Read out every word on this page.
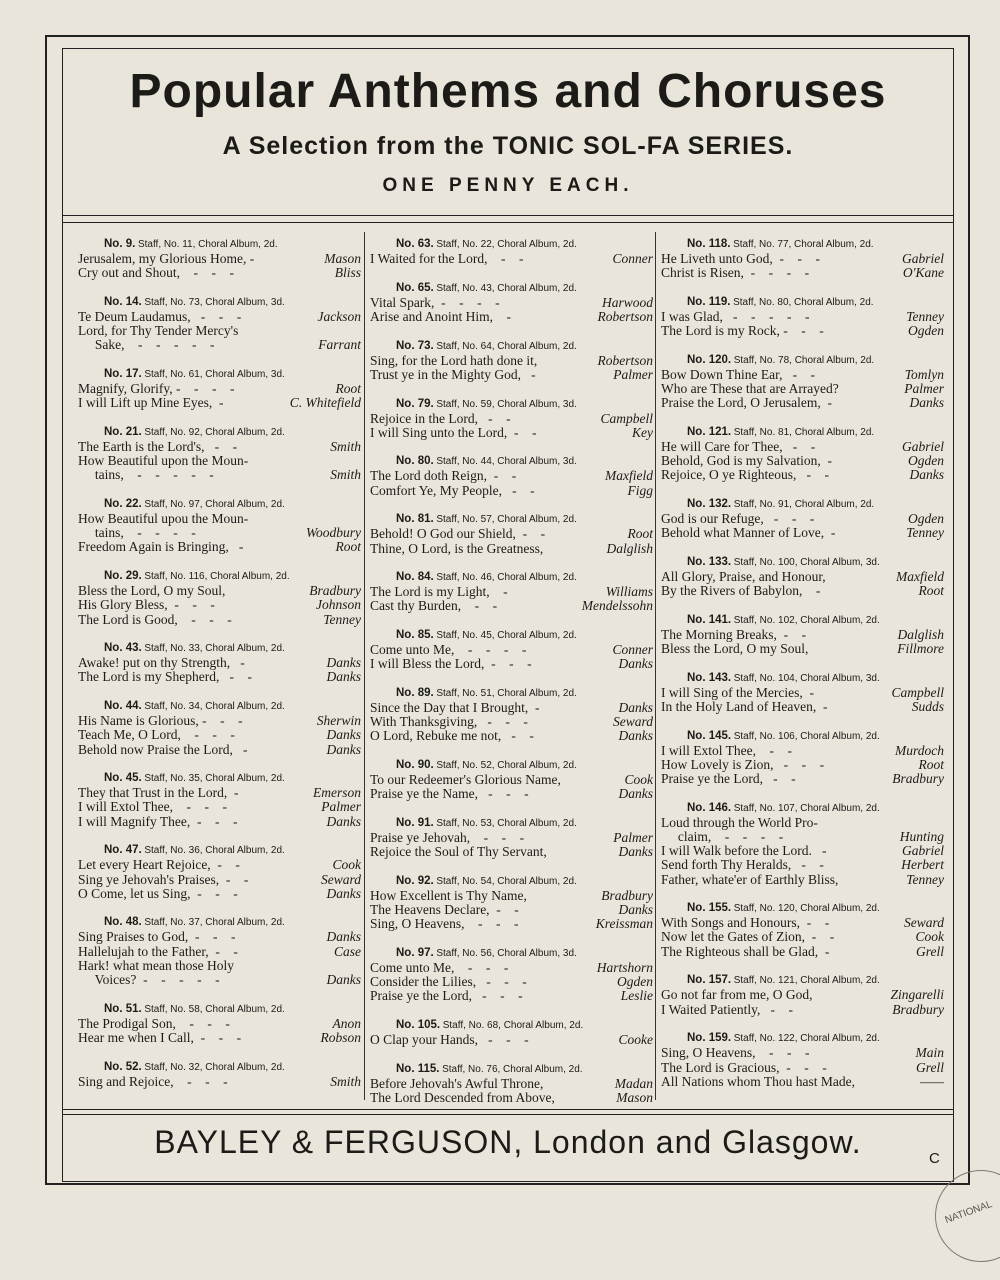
Popular Anthems and Choruses
A Selection from the TONIC SOL-FA SERIES.
ONE PENNY EACH.
No. 9. Staff, No. 11, Choral Album, 2d.
Jerusalem, my Glorious Home, -	Mason
Cry out and Shout,    -    -    -	Bliss
No. 14. Staff, No. 73, Choral Album, 3d.
Te Deum Laudamus,   -    -    -	Jackson
Lord, for Thy Tender Mercy's
Sake,    -    -    -    -    -	Farrant
No. 17. Staff, No. 61, Choral Album, 3d.
Magnify, Glorify, -    -    -    -	Root
I will Lift up Mine Eyes,  -	C. Whitefield
No. 21. Staff, No. 92, Choral Album, 2d.
The Earth is the Lord's,   -    -	Smith
How Beautiful upon the Moun-
tains,    -    -    -    -    -	Smith
No. 22. Staff, No. 97, Choral Album, 2d.
How Beautiful upou the Moun-
tains,    -    -    -    -	Woodbury
Freedom Again is Bringing,   -	Root
No. 29. Staff, No. 116, Choral Album, 2d.
Bless the Lord, O my Soul,	Bradbury
His Glory Bless,  -    -    -	Johnson
The Lord is Good,    -    -    -	Tenney
No. 43. Staff, No. 33, Choral Album, 2d.
Awake! put on thy Strength,   -	Danks
The Lord is my Shepherd,   -    -	Danks
No. 44. Staff, No. 34, Choral Album, 2d.
His Name is Glorious, -    -    -	Sherwin
Teach Me, O Lord,    -    -    -	Danks
Behold now Praise the Lord,   -	Danks
No. 45. Staff, No. 35, Choral Album, 2d.
They that Trust in the Lord,  -	Emerson
I will Extol Thee,    -    -    -	Palmer
I will Magnify Thee,  -    -    -	Danks
No. 47. Staff, No. 36, Choral Album, 2d.
Let every Heart Rejoice,  -    -	Cook
Sing ye Jehovah's Praises,  -    -	Seward
O Come, let us Sing,  -    -    -	Danks
No. 48. Staff, No. 37, Choral Album, 2d.
Sing Praises to God,  -    -    -	Danks
Hallelujah to the Father,  -    -	Case
Hark! what mean those Holy
Voices?  -    -    -    -    -	Danks
No. 51. Staff, No. 58, Choral Album, 2d.
The Prodigal Son,    -    -    -	Anon
Hear me when I Call,  -    -    -	Robson
No. 52. Staff, No. 32, Choral Album, 2d.
Sing and Rejoice,    -    -    -	Smith
No. 63. Staff, No. 22, Choral Album, 2d.
I Waited for the Lord,    -    -	Conner
No. 65. Staff, No. 43, Choral Album, 2d.
Vital Spark,  -    -    -    -	Harwood
Arise and Anoint Him,    -	Robertson
No. 73. Staff, No. 64, Choral Album, 2d.
Sing, for the Lord hath done it,	Robertson
Trust ye in the Mighty God,   -	Palmer
No. 79. Staff, No. 59, Choral Album, 3d.
Rejoice in the Lord,   -    -	Campbell
I will Sing unto the Lord,  -    -	Key
No. 80. Staff, No. 44, Choral Album, 3d.
The Lord doth Reign,  -    -	Maxfield
Comfort Ye, My People,   -    -	Figg
No. 81. Staff, No. 57, Choral Album, 2d.
Behold! O God our Shield,  -    -	Root
Thine, O Lord, is the Greatness,	Dalglish
No. 84. Staff, No. 46, Choral Album, 2d.
The Lord is my Light,    -	Williams
Cast thy Burden,    -    -	Mendelssohn
No. 85. Staff, No. 45, Choral Album, 2d.
Come unto Me,    -    -    -    -	Conner
I will Bless the Lord,  -    -    -	Danks
No. 89. Staff, No. 51, Choral Album, 2d.
Since the Day that I Brought,  -	Danks
With Thanksgiving,   -    -    -	Seward
O Lord, Rebuke me not,   -    -	Danks
No. 90. Staff, No. 52, Choral Album, 2d.
To our Redeemer's Glorious Name,	Cook
Praise ye the Name,   -    -    -	Danks
No. 91. Staff, No. 53, Choral Album, 2d.
Praise ye Jehovah,    -    -    -	Palmer
Rejoice the Soul of Thy Servant,	Danks
No. 92. Staff, No. 54, Choral Album, 2d.
How Excellent is Thy Name,	Bradbury
The Heavens Declare,  -    -	Danks
Sing, O Heavens,    -    -    -	Kreissman
No. 97. Staff, No. 56, Choral Album, 3d.
Come unto Me,    -    -    -	Hartshorn
Consider the Lilies,   -    -    -	Ogden
Praise ye the Lord,   -    -    -	Leslie
No. 105. Staff, No. 68, Choral Album, 2d.
O Clap your Hands,   -    -    -	Cooke
No. 115. Staff, No. 76, Choral Album, 2d.
Before Jehovah's Awful Throne,	Madan
The Lord Descended from Above,	Mason
No. 118. Staff, No. 77, Choral Album, 2d.
He Liveth unto God,  -    -    -	Gabriel
Christ is Risen,  -    -    -    -	O'Kane
No. 119. Staff, No. 80, Choral Album, 2d.
I was Glad,   -    -    -    -    -	Tenney
The Lord is my Rock, -    -    -	Ogden
No. 120. Staff, No. 78, Choral Album, 2d.
Bow Down Thine Ear,   -    -	Tomlyn
Who are These that are Arrayed?	Palmer
Praise the Lord, O Jerusalem,  -	Danks
No. 121. Staff, No. 81, Choral Album, 2d.
He will Care for Thee,   -    -	Gabriel
Behold, God is my Salvation,  -	Ogden
Rejoice, O ye Righteous,   -    -	Danks
No. 132. Staff, No. 91, Choral Album, 2d.
God is our Refuge,   -    -    -	Ogden
Behold what Manner of Love,  -	Tenney
No. 133. Staff, No. 100, Choral Album, 3d.
All Glory, Praise, and Honour,	Maxfield
By the Rivers of Babylon,    -	Root
No. 141. Staff, No. 102, Choral Album, 2d.
The Morning Breaks,  -    -	Dalglish
Bless the Lord, O my Soul,	Fillmore
No. 143. Staff, No. 104, Choral Album, 3d.
I will Sing of the Mercies,  -	Campbell
In the Holy Land of Heaven,  -	Sudds
No. 145. Staff, No. 106, Choral Album, 2d.
I will Extol Thee,    -    -	Murdoch
How Lovely is Zion,   -    -    -	Root
Praise ye the Lord,   -    -	Bradbury
No. 146. Staff, No. 107, Choral Album, 2d.
Loud through the World Pro-
claim,    -    -    -    -	Hunting
I will Walk before the Lord.   -	Gabriel
Send forth Thy Heralds,   -    -	Herbert
Father, whate'er of Earthly Bliss,	Tenney
No. 155. Staff, No. 120, Choral Album, 2d.
With Songs and Honours,  -    -	Seward
Now let the Gates of Zion,  -    -	Cook
The Righteous shall be Glad,  -	Grell
No. 157. Staff, No. 121, Choral Album, 2d.
Go not far from me, O God,	Zingarelli
I Waited Patiently,   -    -	Bradbury
No. 159. Staff, No. 122, Choral Album, 2d.
Sing, O Heavens,    -    -    -	Main
The Lord is Gracious,  -    -    -	Grell
All Nations whom Thou hast Made,	——
BAYLEY & FERGUSON, London and Glasgow.	C
NATIONAL
